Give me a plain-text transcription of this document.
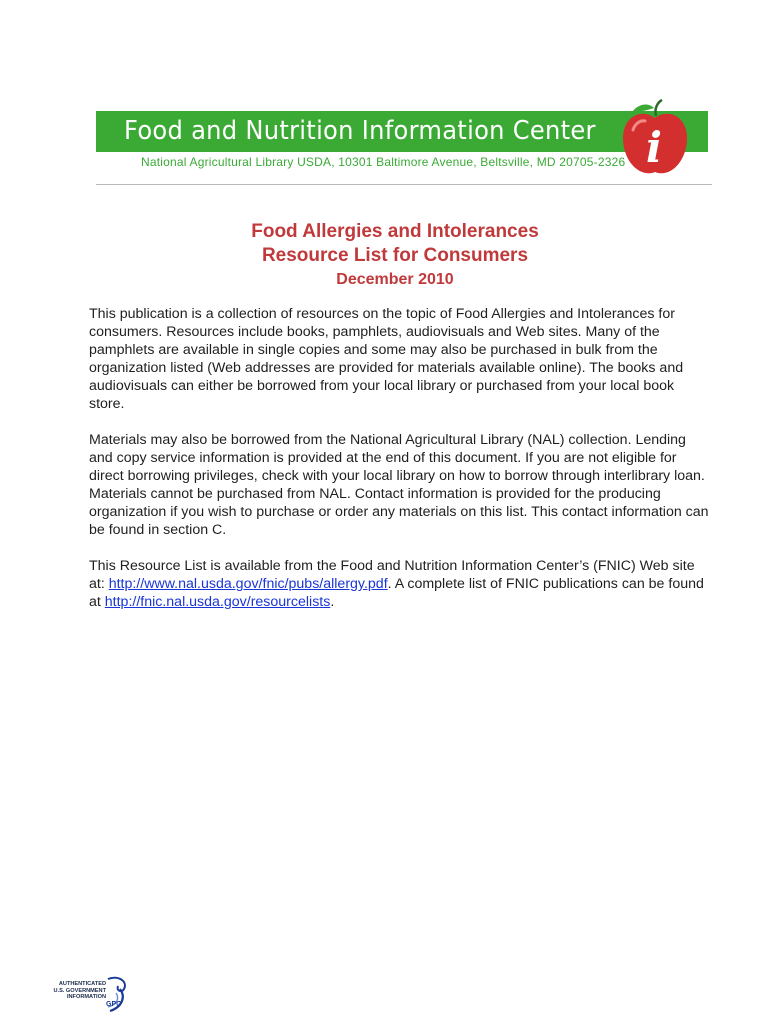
Food and Nutrition Information Center i
National Agricultural Library USDA, 10301 Baltimore Avenue, Beltsville, MD 20705-2326
Food Allergies and Intolerances
Resource List for Consumers
December 2010
This publication is a collection of resources on the topic of Food Allergies and Intolerances for consumers. Resources include books, pamphlets, audiovisuals and Web sites. Many of the pamphlets are available in single copies and some may also be purchased in bulk from the organization listed (Web addresses are provided for materials available online). The books and audiovisuals can either be borrowed from your local library or purchased from your local book store.
Materials may also be borrowed from the National Agricultural Library (NAL) collection. Lending and copy service information is provided at the end of this document. If you are not eligible for direct borrowing privileges, check with your local library on how to borrow through interlibrary loan. Materials cannot be purchased from NAL. Contact information is provided for the producing organization if you wish to purchase or order any materials on this list. This contact information can be found in section C.
This Resource List is available from the Food and Nutrition Information Center’s (FNIC) Web site at: http://www.nal.usda.gov/fnic/pubs/allergy.pdf. A complete list of FNIC publications can be found at http://fnic.nal.usda.gov/resourcelists.
AUTHENTICATED
U.S. GOVERNMENT
INFORMATION
GPO
